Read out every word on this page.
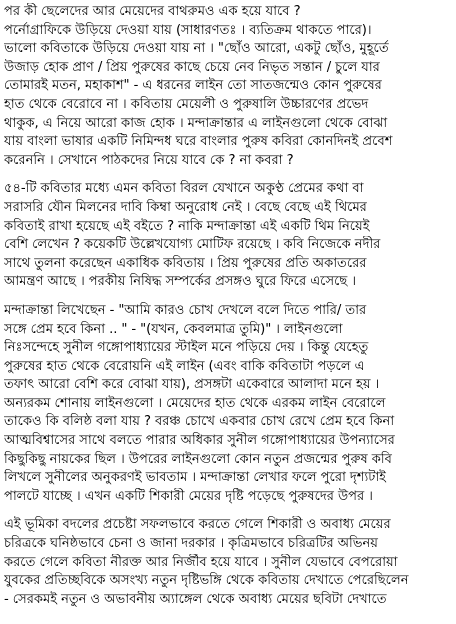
পর কী ছেলেদের আর মেয়েদের বাথরুমও এক হয়ে যাবে ?
পর্নোগ্রাফিকে উড়িয়ে দেওয়া যায় (সাধারণতঃ । ব্যতিক্রম থাকতে পারে)।
ভালো কবিতাকে উড়িয়ে দেওয়া যায় না । "ছোঁও আরো, একটু ছোঁও, মুহূর্তে
উজাড় হোক প্রাণ / প্রিয় পুরুষের কাছে চেয়ে নেব নিভৃত সন্তান / চুলে যার
তোমারই মতন, মহাকাশ" - এ ধরনের লাইন তো সাতজন্মেও কোন পুরুষের
হাত থেকে বেরোবে না । কবিতায় মেয়েলী ও পুরুষালি উচ্চারণের প্রভেদ
থাকুক, এ নিয়ে আরো কাজ হোক । মন্দাক্রান্তার এ লাইনগুলো থেকে বোঝা
যায় বাংলা ভাষার একটি নিমিন্দধ ঘরে বাংলার পুরুষ কবিরা কোনদিনই প্রবেশ
করেননি । সেখানে পাঠকদের নিয়ে যাবে কে ? না কবরা ?
৫৪-টি কবিতার মধ্যে এমন কবিতা বিরল যেখানে অকুণ্ঠ প্রেমের কথা বা
সরাসরি যৌন মিলনের দাবি কিম্বা অনুরোধ নেই । বেছে বেছে এই থিমের
কবিতাই রাখা হয়েছে এই বইতে ? নাকি মন্দাক্রান্তা এই একটি থিম নিয়েই
বেশি লেখেন ? কয়েকটি উল্লেখযোগ্য মোটিফ রয়েছে । কবি নিজেকে নদীর
সাথে তুলনা করেছেন একাধিক কবিতায় । প্রিয় পুরুষের প্রতি অকাতরের
আমন্ত্রণ আছে । পরকীয় নিষিদ্ধ সম্পর্কের প্রসঙ্গও ঘুরে ফিরে এসেছে ।
মন্দাক্রান্তা লিখেছেন - "আমি কারও চোখ দেখলে বলে দিতে পারি/ তার
সঙ্গে প্রেম হবে কিনা .. " - "(যখন, কেবলমাত্র তুমি)" । লাইনগুলো
নিঃসন্দেহে সুনীল গঙ্গোপাধ্যায়ের স্টাইল মনে পড়িয়ে দেয় । কিন্তু যেহেতু
পুরুষের হাত থেকে বেরোয়নি এই লাইন (এবং বাকি কবিতাটা পড়লে এ
তফাৎ আরো বেশি করে বোঝা যায়), প্রসঙ্গটা একেবারে আলাদা মনে হয় ।
অন্যরকম শোনায় লাইনগুলো । মেয়েদের হাত থেকে এরকম লাইন বেরোলে
তাকেও কি বলিষ্ঠ বলা যায় ? বরঞ্চ চোখে একবার চোখ রেখে প্রেম হবে কিনা
আত্মবিশ্বাসের সাথে বলতে পারার অধিকার সুনীল গঙ্গোপাধ্যায়ের উপন্যাসের
কিছুকিছু নায়কের ছিল । উপরের লাইনগুলো কোন নতুন প্রজন্মের পুরুষ কবি
লিখলে সুনীলের অনুকরণই ভাবতাম । মন্দাক্রান্তা লেখার ফলে পুরো দৃশ্যটাই
পালটে যাচ্ছে । এখন একটি শিকারী মেয়ের দৃষ্টি পড়েছে পুরুষদের উপর ।
এই ভূমিকা বদলের প্রচেষ্টা সফলভাবে করতে গেলে শিকারী ও অবাধ্য মেয়ের
চরিত্রকে ঘনিষ্ঠভাবে চেনা ও জানা দরকার । কৃত্রিমভাবে চরিত্রটির অভিনয়
করতে গেলে কবিতা নীরক্ত আর নির্জীব হয়ে যাবে । সুনীল যেভাবে বেপরোয়া
যুবকের প্রতিচ্ছবিকে অসংখ্য নতুন দৃষ্টিভঙ্গি থেকে কবিতায় দেখাতে পেরেছিলেন
- সেরকমই নতুন ও অভাবনীয় অ্যাঙ্গেল থেকে অবাধ্য মেয়ের ছবিটা দেখাতে
